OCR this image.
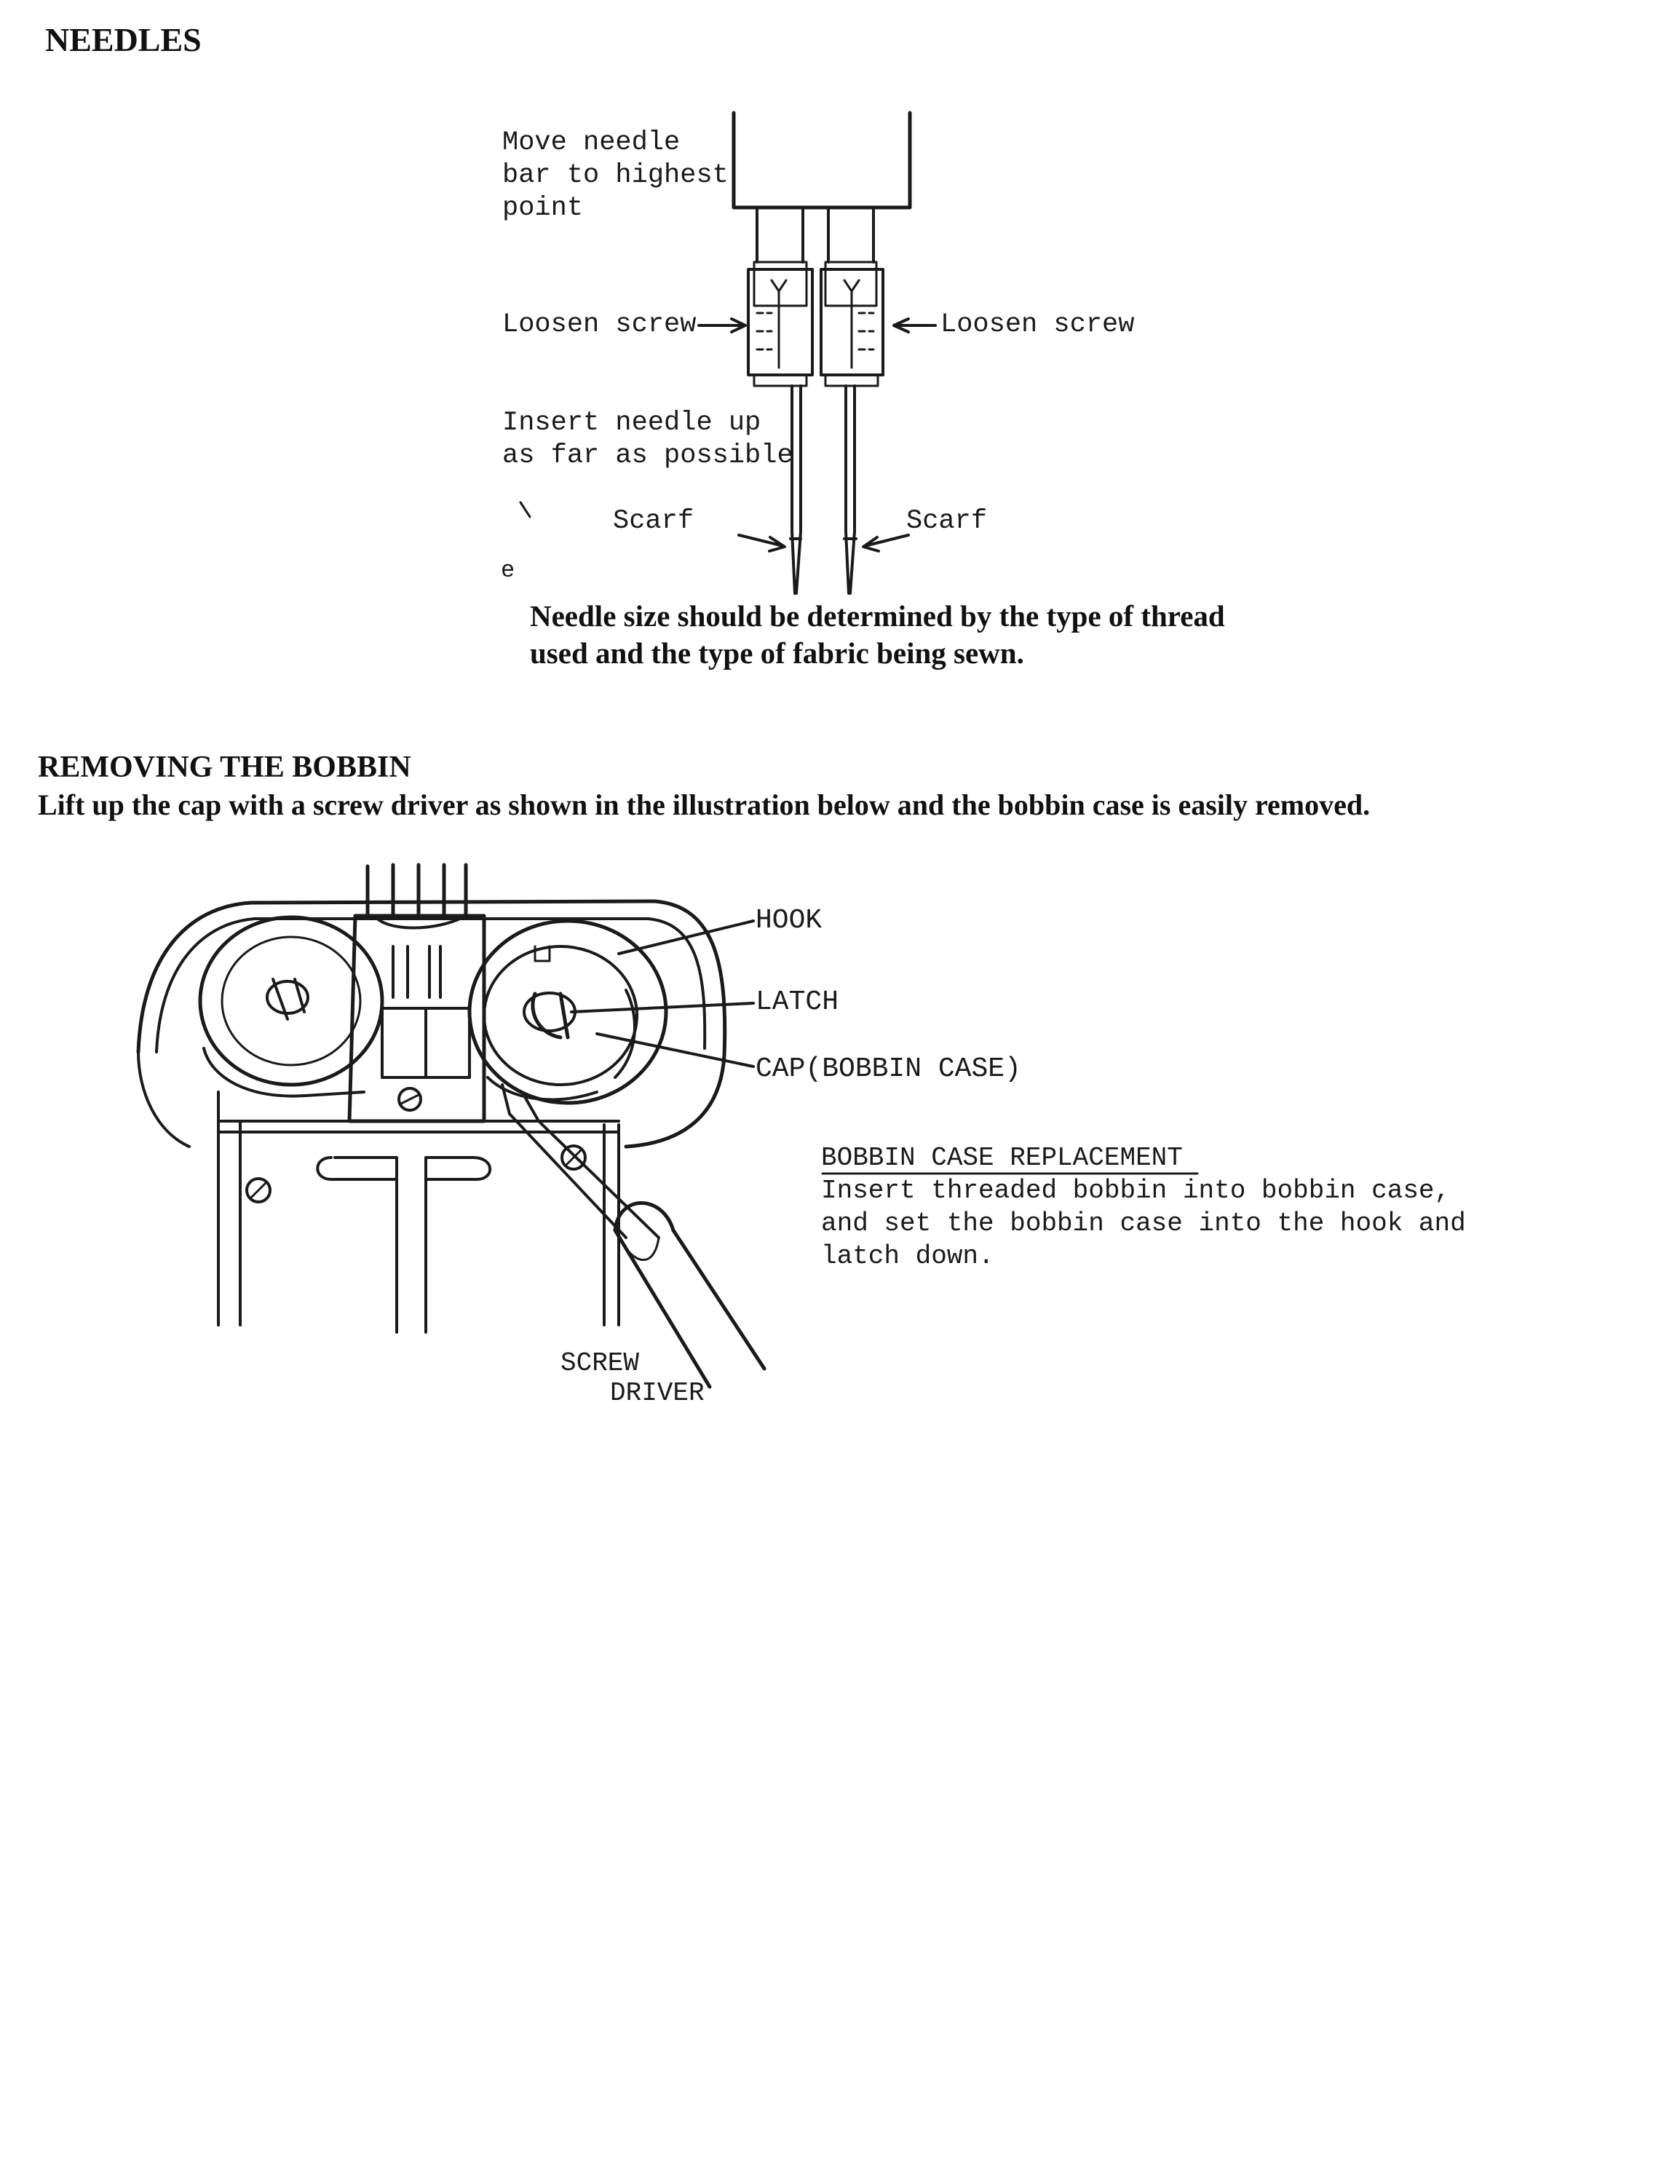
NEEDLES
Move needle
bar to highest
point
Loosen screw	Loosen screw
Insert needle up
as far as possible
Scarf	Scarf
e
Needle size should be determined by the type of thread
used and the type of fabric being sewn.
REMOVING THE BOBBIN
Lift up the cap with a screw driver as shown in the illustration below and the bobbin case is easily removed.
HOOK
LATCH
CAP(BOBBIN CASE)
SCREW
DRIVER
BOBBIN CASE REPLACEMENT
Insert threaded bobbin into bobbin case,
and set the bobbin case into the hook and
latch down.
